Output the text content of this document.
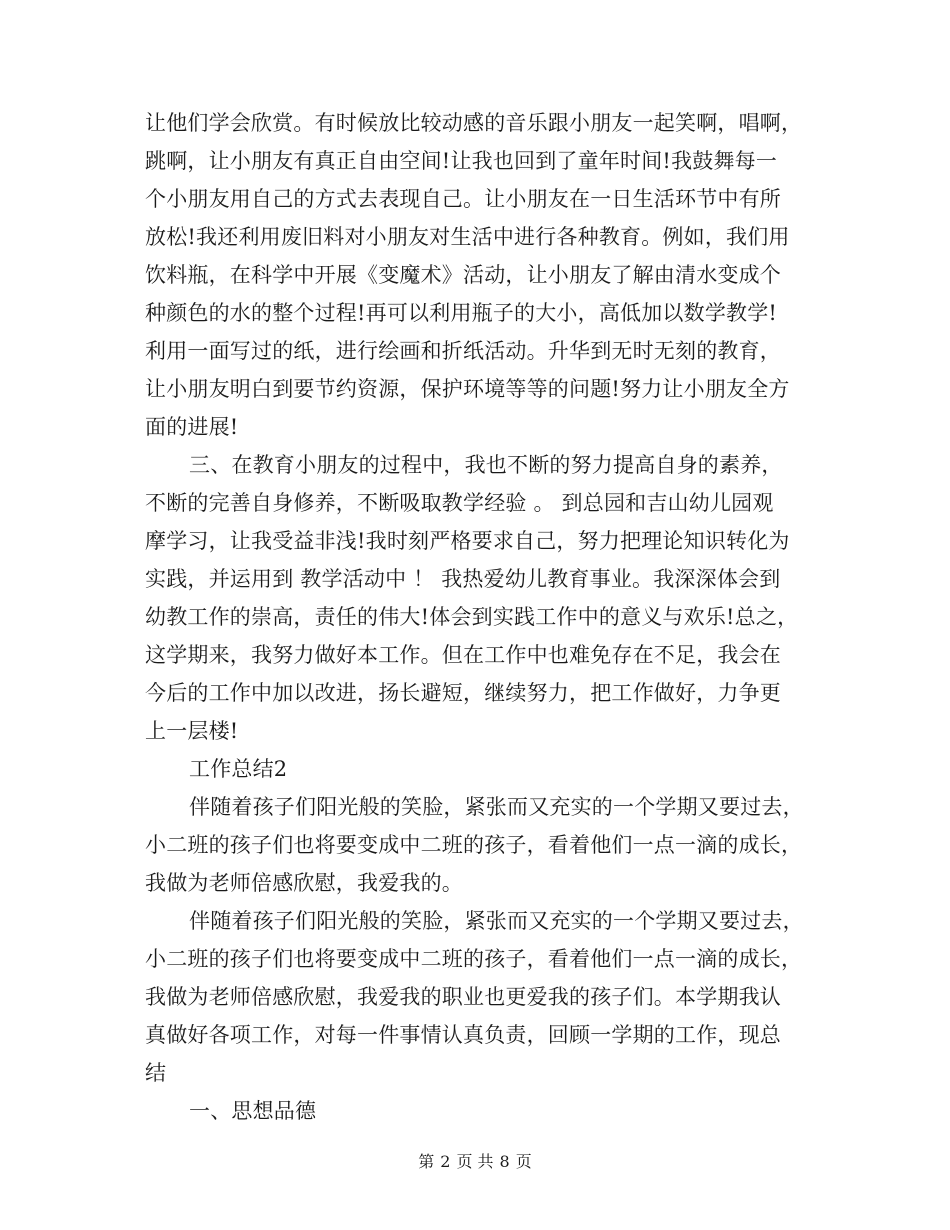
让他们学会欣赏。有时候放比较动感的音乐跟小朋友一起笑啊，唱啊，
跳啊，让小朋友有真正自由空间!让我也回到了童年时间!我鼓舞每一
个小朋友用自己的方式去表现自己。让小朋友在一日生活环节中有所
放松!我还利用废旧料对小朋友对生活中进行各种教育。例如，我们用
饮料瓶，在科学中开展《变魔术》活动，让小朋友了解由清水变成个
种颜色的水的整个过程!再可以利用瓶子的大小，高低加以数学教学!
利用一面写过的纸，进行绘画和折纸活动。升华到无时无刻的教育，
让小朋友明白到要节约资源，保护环境等等的问题!努力让小朋友全方
面的进展!
三、在教育小朋友的过程中，我也不断的努力提高自身的素养，
不断的完善自身修养，不断吸取教学经验 。 到总园和吉山幼儿园观
摩学习，让我受益非浅!我时刻严格要求自己，努力把理论知识转化为
实践，并运用到 教学活动中 ！ 我热爱幼儿教育事业。我深深体会到
幼教工作的崇高，责任的伟大!体会到实践工作中的意义与欢乐!总之，
这学期来，我努力做好本工作。但在工作中也难免存在不足，我会在
今后的工作中加以改进，扬长避短，继续努力，把工作做好，力争更
上一层楼!
工作总结2
伴随着孩子们阳光般的笑脸，紧张而又充实的一个学期又要过去，
小二班的孩子们也将要变成中二班的孩子，看着他们一点一滴的成长，
我做为老师倍感欣慰，我爱我的。
伴随着孩子们阳光般的笑脸，紧张而又充实的一个学期又要过去，
小二班的孩子们也将要变成中二班的孩子，看着他们一点一滴的成长，
我做为老师倍感欣慰，我爱我的职业也更爱我的孩子们。本学期我认
真做好各项工作，对每一件事情认真负责，回顾一学期的工作，现总
结
一、思想品德
第 2 页 共 8 页
